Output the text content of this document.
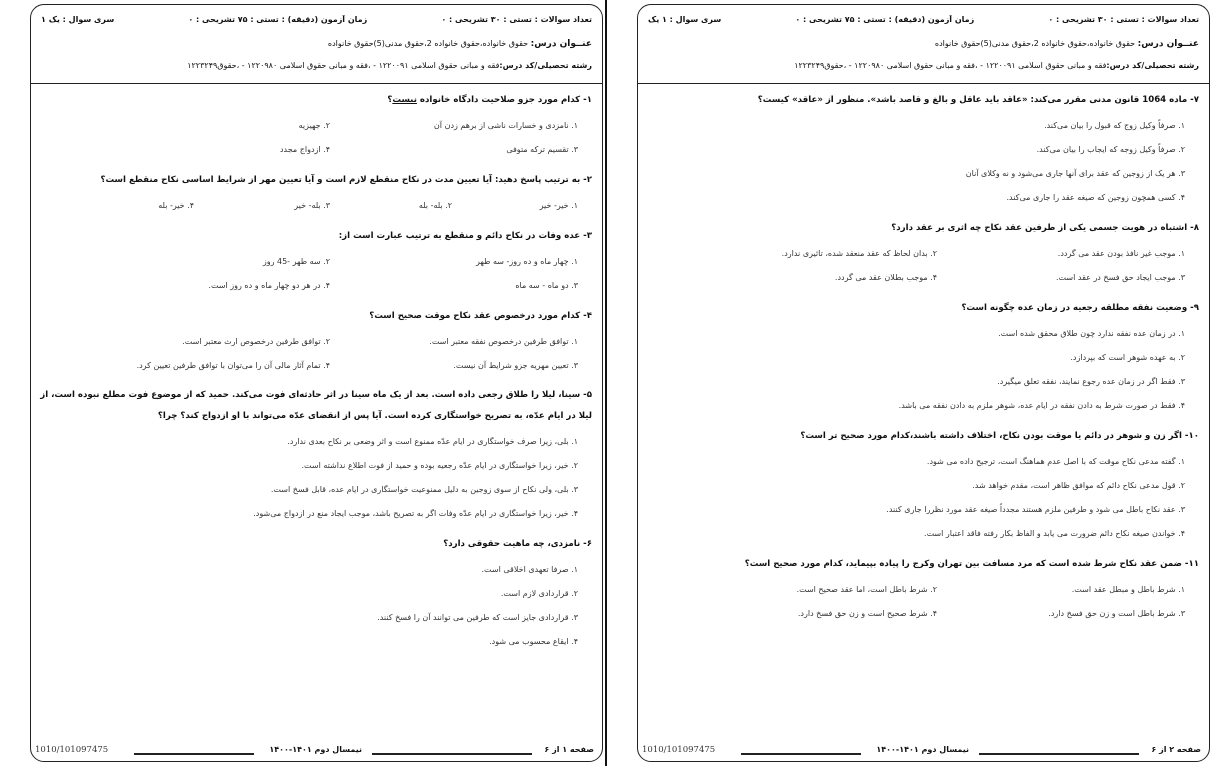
تعداد سوالات : تستی : ۳۰ تشریحی : ۰
زمان آزمون (دقیقه) : تستی : ۷۵ تشریحی : ۰
سری سوال : یک ۱
عنــوان درس: حقوق خانواده،حقوق خانواده 2،حقوق مدنی(5)حقوق خانواده
رشته تحصیلی/کد درس:فقه و مبانی حقوق اسلامی ۱۲۲۰۰۹۱ - ،فقه و مبانی حقوق اسلامی ۱۲۲۰۹۸۰ - ،حقوق۱۲۲۳۲۴۹
۱- کدام مورد جزو صلاحیت دادگاه خانواده نیست؟
۱. نامزدی و خسارات ناشی از برهم زدن آن
۲. جهیزیه
۳. تقسیم ترکه متوفی
۴. ازدواج مجدد
۲- به ترتیب پاسخ دهید: آیا تعیین مدت در نکاح منقطع لازم است و آیا تعیین مهر از شرایط اساسی نکاح منقطع است؟
۱. خیر- خیر
۲. بله- بله
۳. بله- خیر
۴. خیر- بله
۳- عده وفات در نکاح دائم و منقطع به ترتیب عبارت است از:
۱. چهار ماه و ده روز- سه طهر
۲. سه طهر -45 روز
۳. دو ماه - سه ماه
۴. در هر دو چهار ماه و ده روز است.
۴- کدام مورد درخصوص عقد نکاح موقت صحیح است؟
۱. توافق طرفین درخصوص نفقه معتبر است.
۲. توافق طرفین درخصوص ارث معتبر است.
۳. تعیین مهریه جزو شرایط آن نیست.
۴. تمام آثار مالی آن را می‌توان با توافق طرفین تعیین کرد.
۵- سینا، لیلا را طلاق رجعی داده است. بعد از یک ماه سینا در اثر حادثه‌ای فوت می‌کند. حمید که از موضوع فوت مطلع نبوده است، از لیلا در ایام عدّه، به تصریح خواستگاری کرده است. آیا پس از انقضای عدّه می‌تواند با او ازدواج کند؟ چرا؟
۱. بلی، زیرا صرف خواستگاری در ایام عدّه ممنوع است و اثر وضعی بر نکاح بعدی ندارد.
۲. خیر، زیرا خواستگاری در ایام عدّه رجعیه بوده و حمید از فوت اطلاع نداشته است.
۳. بلی، ولی نکاح از سوی زوجین به دلیل ممنوعیت خواستگاری در ایام عده، قابل فسخ است.
۴. خیر، زیرا خواستگاری در ایام عدّه وفات اگر به تصریح باشد، موجب ایجاد منع در ازدواج می‌شود.
۶- نامزدی، چه ماهیت حقوقی دارد؟
۱. صرفا تعهدی اخلاقی است.
۲. قراردادی لازم است.
۳. قراردادی جایز است که طرفین می توانند آن را فسخ کنند.
۴. ایقاع محسوب می شود.
صفحه ۱ از ۶
نیمسال دوم ۱۴۰۱-۱۴۰۰
1010/101097475
تعداد سوالات : تستی : ۳۰ تشریحی : ۰
زمان آزمون (دقیقه) : تستی : ۷۵ تشریحی : ۰
سری سوال : ۱ یک
عنــوان درس: حقوق خانواده،حقوق خانواده 2،حقوق مدنی(5)حقوق خانواده
رشته تحصیلی/کد درس:فقه و مبانی حقوق اسلامی ۱۲۲۰۰۹۱ - ،فقه و مبانی حقوق اسلامی ۱۲۲۰۹۸۰ - ،حقوق۱۲۲۳۲۴۹
۷- ماده 1064 قانون مدنی مقرر می‌کند: «عاقد باید عاقل و بالغ و قاصد باشد». منظور از «عاقد» کیست؟
۱. صرفاً وکیل زوج که قبول را بیان می‌کند.
۲. صرفاً وکیل زوجه که ایجاب را بیان می‌کند.
۳. هر یک از زوجین که عقد برای آنها جاری می‌شود و نه وکلای آنان
۴. کسی همچون زوجین که صیغه عقد را جاری می‌کند.
۸- اشتباه در هویت جسمی یکی از طرفین عقد نکاح چه اثری بر عقد دارد؟
۱. موجب غیر نافذ بودن عقد می گردد.
۲. بدان لحاظ که عقد منعقد شده، تاثیری ندارد.
۳. موجب ایجاد حق فسخ در عقد است.
۴. موجب بطلان عقد می گردد.
۹- وضعیت نفقه مطلقه رجعیه در زمان عده چگونه است؟
۱. در زمان عده نفقه ندارد چون طلاق محقق شده است.
۲. به عهده شوهر است که بپردازد.
۳. فقط اگر در زمان عده رجوع نمایند، نفقه تعلق میگیرد.
۴. فقط در صورت شرط به دادن نفقه در ایام عده، شوهر ملزم به دادن نفقه می باشد.
۱۰- اگر زن و شوهر در دائم یا موقت بودن نکاح، اختلاف داشته باشند،کدام مورد صحیح تر است؟
۱. گفته مدعی نکاح موقت که با اصل عدم هماهنگ است، ترجیح داده می شود.
۲. قول مدعی نکاح دائم که موافق ظاهر است، مقدم خواهد شد.
۳. عقد نکاح باطل می شود و طرفین ملزم هستند مجدداً صیغه عقد مورد نظررا جاری کنند.
۴. خواندن صیغه نکاح دائم ضرورت می یابد و الفاظ بکار رفته فاقد اعتبار است.
۱۱- ضمن عقد نکاح شرط شده است که مرد مسافت بین تهران وکرج را پیاده بپیماید، کدام مورد صحیح است؟
۱. شرط باطل و مبطل عقد است.
۲. شرط باطل است، اما عقد صحیح است.
۳. شرط باطل است و زن حق فسخ دارد.
۴. شرط صحیح است و زن حق فسخ دارد.
صفحه ۲ از ۶
نیمسال دوم ۱۴۰۱-۱۴۰۰
1010/101097475
